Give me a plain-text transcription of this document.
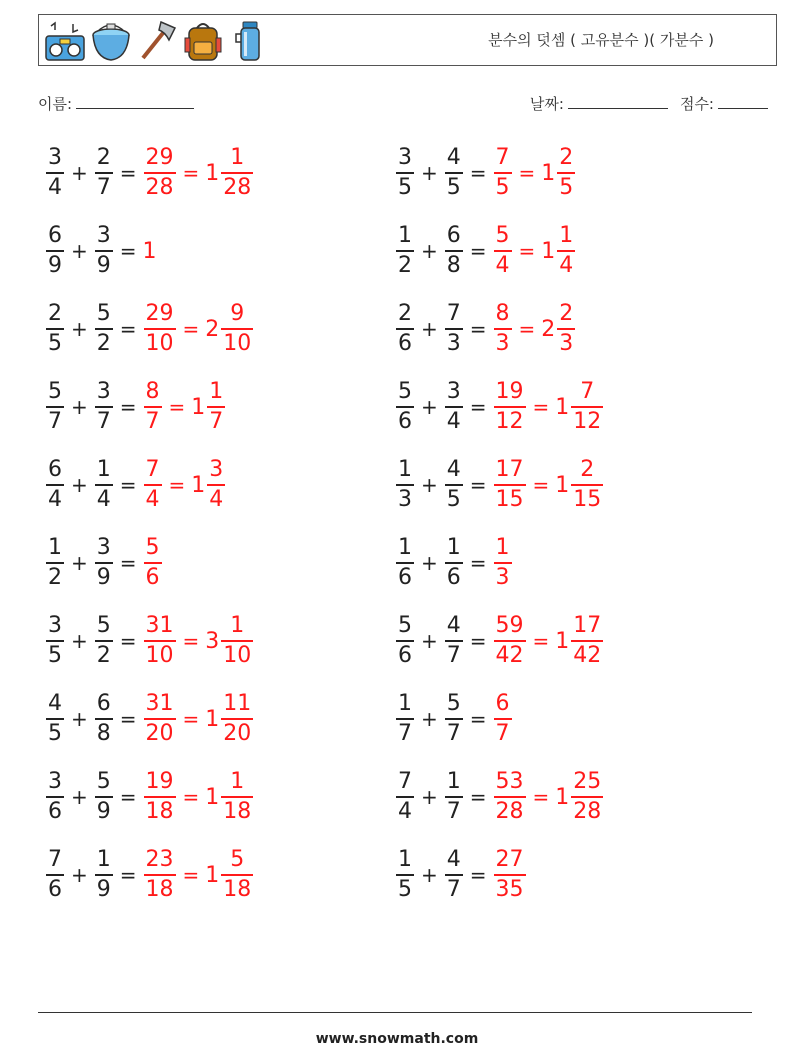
분수의 덧셈 ( 고유분수 )( 가분수 )
이름:	날짜:	점수:
$\frac{3}{4} + \frac{2}{7} = \frac{29}{28} = 1 \frac{1}{28}$	$\frac{3}{5} + \frac{4}{5} = \frac{7}{5} = 1 \frac{2}{5}$
$\frac{6}{9} + \frac{3}{9} = 1$	$\frac{1}{2} + \frac{6}{8} = \frac{5}{4} = 1 \frac{1}{4}$
$\frac{2}{5} + \frac{5}{2} = \frac{29}{10} = 2 \frac{9}{10}$	$\frac{2}{6} + \frac{7}{3} = \frac{8}{3} = 2 \frac{2}{3}$
$\frac{5}{7} + \frac{3}{7} = \frac{8}{7} = 1 \frac{1}{7}$	$\frac{5}{6} + \frac{3}{4} = \frac{19}{12} = 1 \frac{7}{12}$
$\frac{6}{4} + \frac{1}{4} = \frac{7}{4} = 1 \frac{3}{4}$	$\frac{1}{3} + \frac{4}{5} = \frac{17}{15} = 1 \frac{2}{15}$
$\frac{1}{2} + \frac{3}{9} = \frac{5}{6}$	$\frac{1}{6} + \frac{1}{6} = \frac{1}{3}$
$\frac{3}{5} + \frac{5}{2} = \frac{31}{10} = 3 \frac{1}{10}$	$\frac{5}{6} + \frac{4}{7} = \frac{59}{42} = 1 \frac{17}{42}$
$\frac{4}{5} + \frac{6}{8} = \frac{31}{20} = 1 \frac{11}{20}$	$\frac{1}{7} + \frac{5}{7} = \frac{6}{7}$
$\frac{3}{6} + \frac{5}{9} = \frac{19}{18} = 1 \frac{1}{18}$	$\frac{7}{4} + \frac{1}{7} = \frac{53}{28} = 1 \frac{25}{28}$
$\frac{7}{6} + \frac{1}{9} = \frac{23}{18} = 1 \frac{5}{18}$	$\frac{1}{5} + \frac{4}{7} = \frac{27}{35}$
www.snowmath.com
